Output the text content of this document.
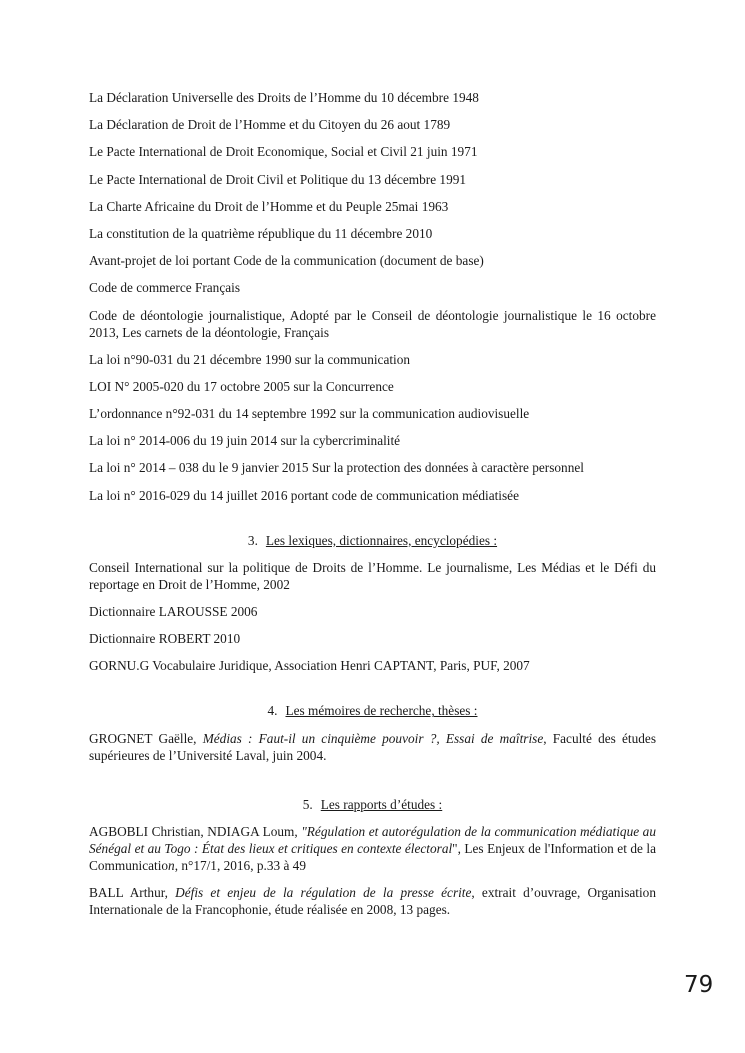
La Déclaration Universelle des Droits de l’Homme du 10 décembre 1948

La Déclaration de Droit de l’Homme et du Citoyen du 26 aout 1789

Le Pacte International de Droit Economique, Social et Civil 21 juin 1971

Le Pacte International de Droit Civil et Politique du 13 décembre 1991

La Charte Africaine du Droit de l’Homme et du Peuple 25mai 1963

La constitution de la quatrième république du 11 décembre 2010

Avant-projet de loi portant Code de la communication (document de base)

Code de commerce Français

Code de déontologie journalistique, Adopté par le Conseil de déontologie journalistique le 16 octobre 2013, Les carnets de la déontologie, Français

La loi n°90-031 du 21 décembre 1990 sur la communication

LOI N° 2005-020 du 17 octobre 2005 sur la Concurrence

L’ordonnance n°92-031 du 14 septembre 1992 sur la communication audiovisuelle

La loi n° 2014-006 du 19 juin 2014 sur la cybercriminalité

La loi n° 2014 – 038 du le 9 janvier 2015 Sur la protection des données à caractère personnel

La loi n° 2016-029 du 14 juillet 2016 portant code de communication médiatisée

3. Les lexiques, dictionnaires, encyclopédies :

Conseil International sur la politique de Droits de l’Homme. Le journalisme, Les Médias et le Défi du reportage en Droit de l’Homme, 2002

Dictionnaire LAROUSSE 2006

Dictionnaire ROBERT 2010

GORNU.G Vocabulaire Juridique, Association Henri CAPTANT, Paris, PUF, 2007

4. Les mémoires de recherche, thèses :

GROGNET Gaëlle, Médias : Faut-il un cinquième pouvoir ?, Essai de maîtrise, Faculté des études supérieures de l’Université Laval, juin 2004.

5. Les rapports d’études :

AGBOBLI Christian, NDIAGA Loum, "Régulation et autorégulation de la communication médiatique au Sénégal et au Togo : État des lieux et critiques en contexte électoral", Les Enjeux de l'Information et de la Communication, n°17/1, 2016, p.33 à 49

BALL Arthur, Défis et enjeu de la régulation de la presse écrite, extrait d’ouvrage, Organisation Internationale de la Francophonie, étude réalisée en 2008, 13 pages.

79
